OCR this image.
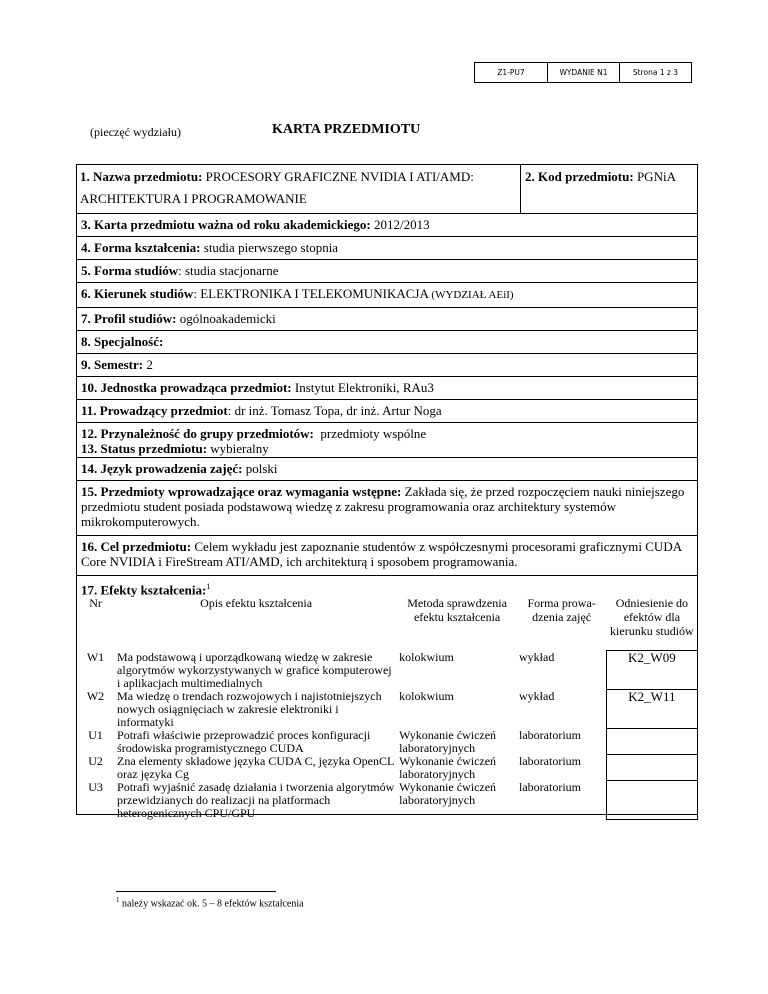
Z1-PU7	WYDANIE N1	Strona 1 z 3
(pieczęć wydziału)	KARTA PRZEDMIOTU
1. Nazwa przedmiotu: PROCESORY GRAFICZNE NVIDIA I ATI/AMD:
ARCHITEKTURA I PROGRAMOWANIE
2. Kod przedmiotu: PGNiA
3. Karta przedmiotu ważna od roku akademickiego: 2012/2013
4. Forma kształcenia: studia pierwszego stopnia
5. Forma studiów: studia stacjonarne
6. Kierunek studiów: ELEKTRONIKA I TELEKOMUNIKACJA (WYDZIAŁ AEiI)
7. Profil studiów: ogólnoakademicki
8. Specjalność:
9. Semestr: 2
10. Jednostka prowadząca przedmiot: Instytut Elektroniki, RAu3
11. Prowadzący przedmiot: dr inż. Tomasz Topa, dr inż. Artur Noga
12. Przynależność do grupy przedmiotów: przedmioty wspólne
13. Status przedmiotu: wybieralny
14. Język prowadzenia zajęć: polski
15. Przedmioty wprowadzające oraz wymagania wstępne: Zakłada się, że przed rozpoczęciem nauki niniejszego przedmiotu student posiada podstawową wiedzę z zakresu programowania oraz architektury systemów mikrokomputerowych.
16. Cel przedmiotu: Celem wykładu jest zapoznanie studentów z współczesnymi procesorami graficznymi CUDA Core NVIDIA i FireStream ATI/AMD, ich architekturą i sposobem programowania.
17. Efekty kształcenia:$^1$
Nr	Opis efektu kształcenia	Metoda sprawdzenia efektu kształcenia	Forma prowa-dzenia zajęć	Odniesienie do efektów dla kierunku studiów
W1	Ma podstawową i uporządkowaną wiedzę w zakresie algorytmów wykorzystywanych w grafice komputerowej i aplikacjach multimedialnych	kolokwium	wykład	K2_W09
W2	Ma wiedzę o trendach rozwojowych i najistotniejszych nowych osiągnięciach w zakresie elektroniki i informatyki	kolokwium	wykład	K2_W11
U1	Potrafi właściwie przeprowadzić proces konfiguracji środowiska programistycznego CUDA	Wykonanie ćwiczeń laboratoryjnych	laboratorium	
U2	Zna elementy składowe języka CUDA C, języka OpenCL oraz języka Cg	Wykonanie ćwiczeń laboratoryjnych	laboratorium	
U3	Potrafi wyjaśnić zasadę działania i tworzenia algorytmów przewidzianych do realizacji na platformach heterogenicznych CPU/GPU	Wykonanie ćwiczeń laboratoryjnych	laboratorium	
$^1$ należy wskazać ok. 5 – 8 efektów kształcenia
